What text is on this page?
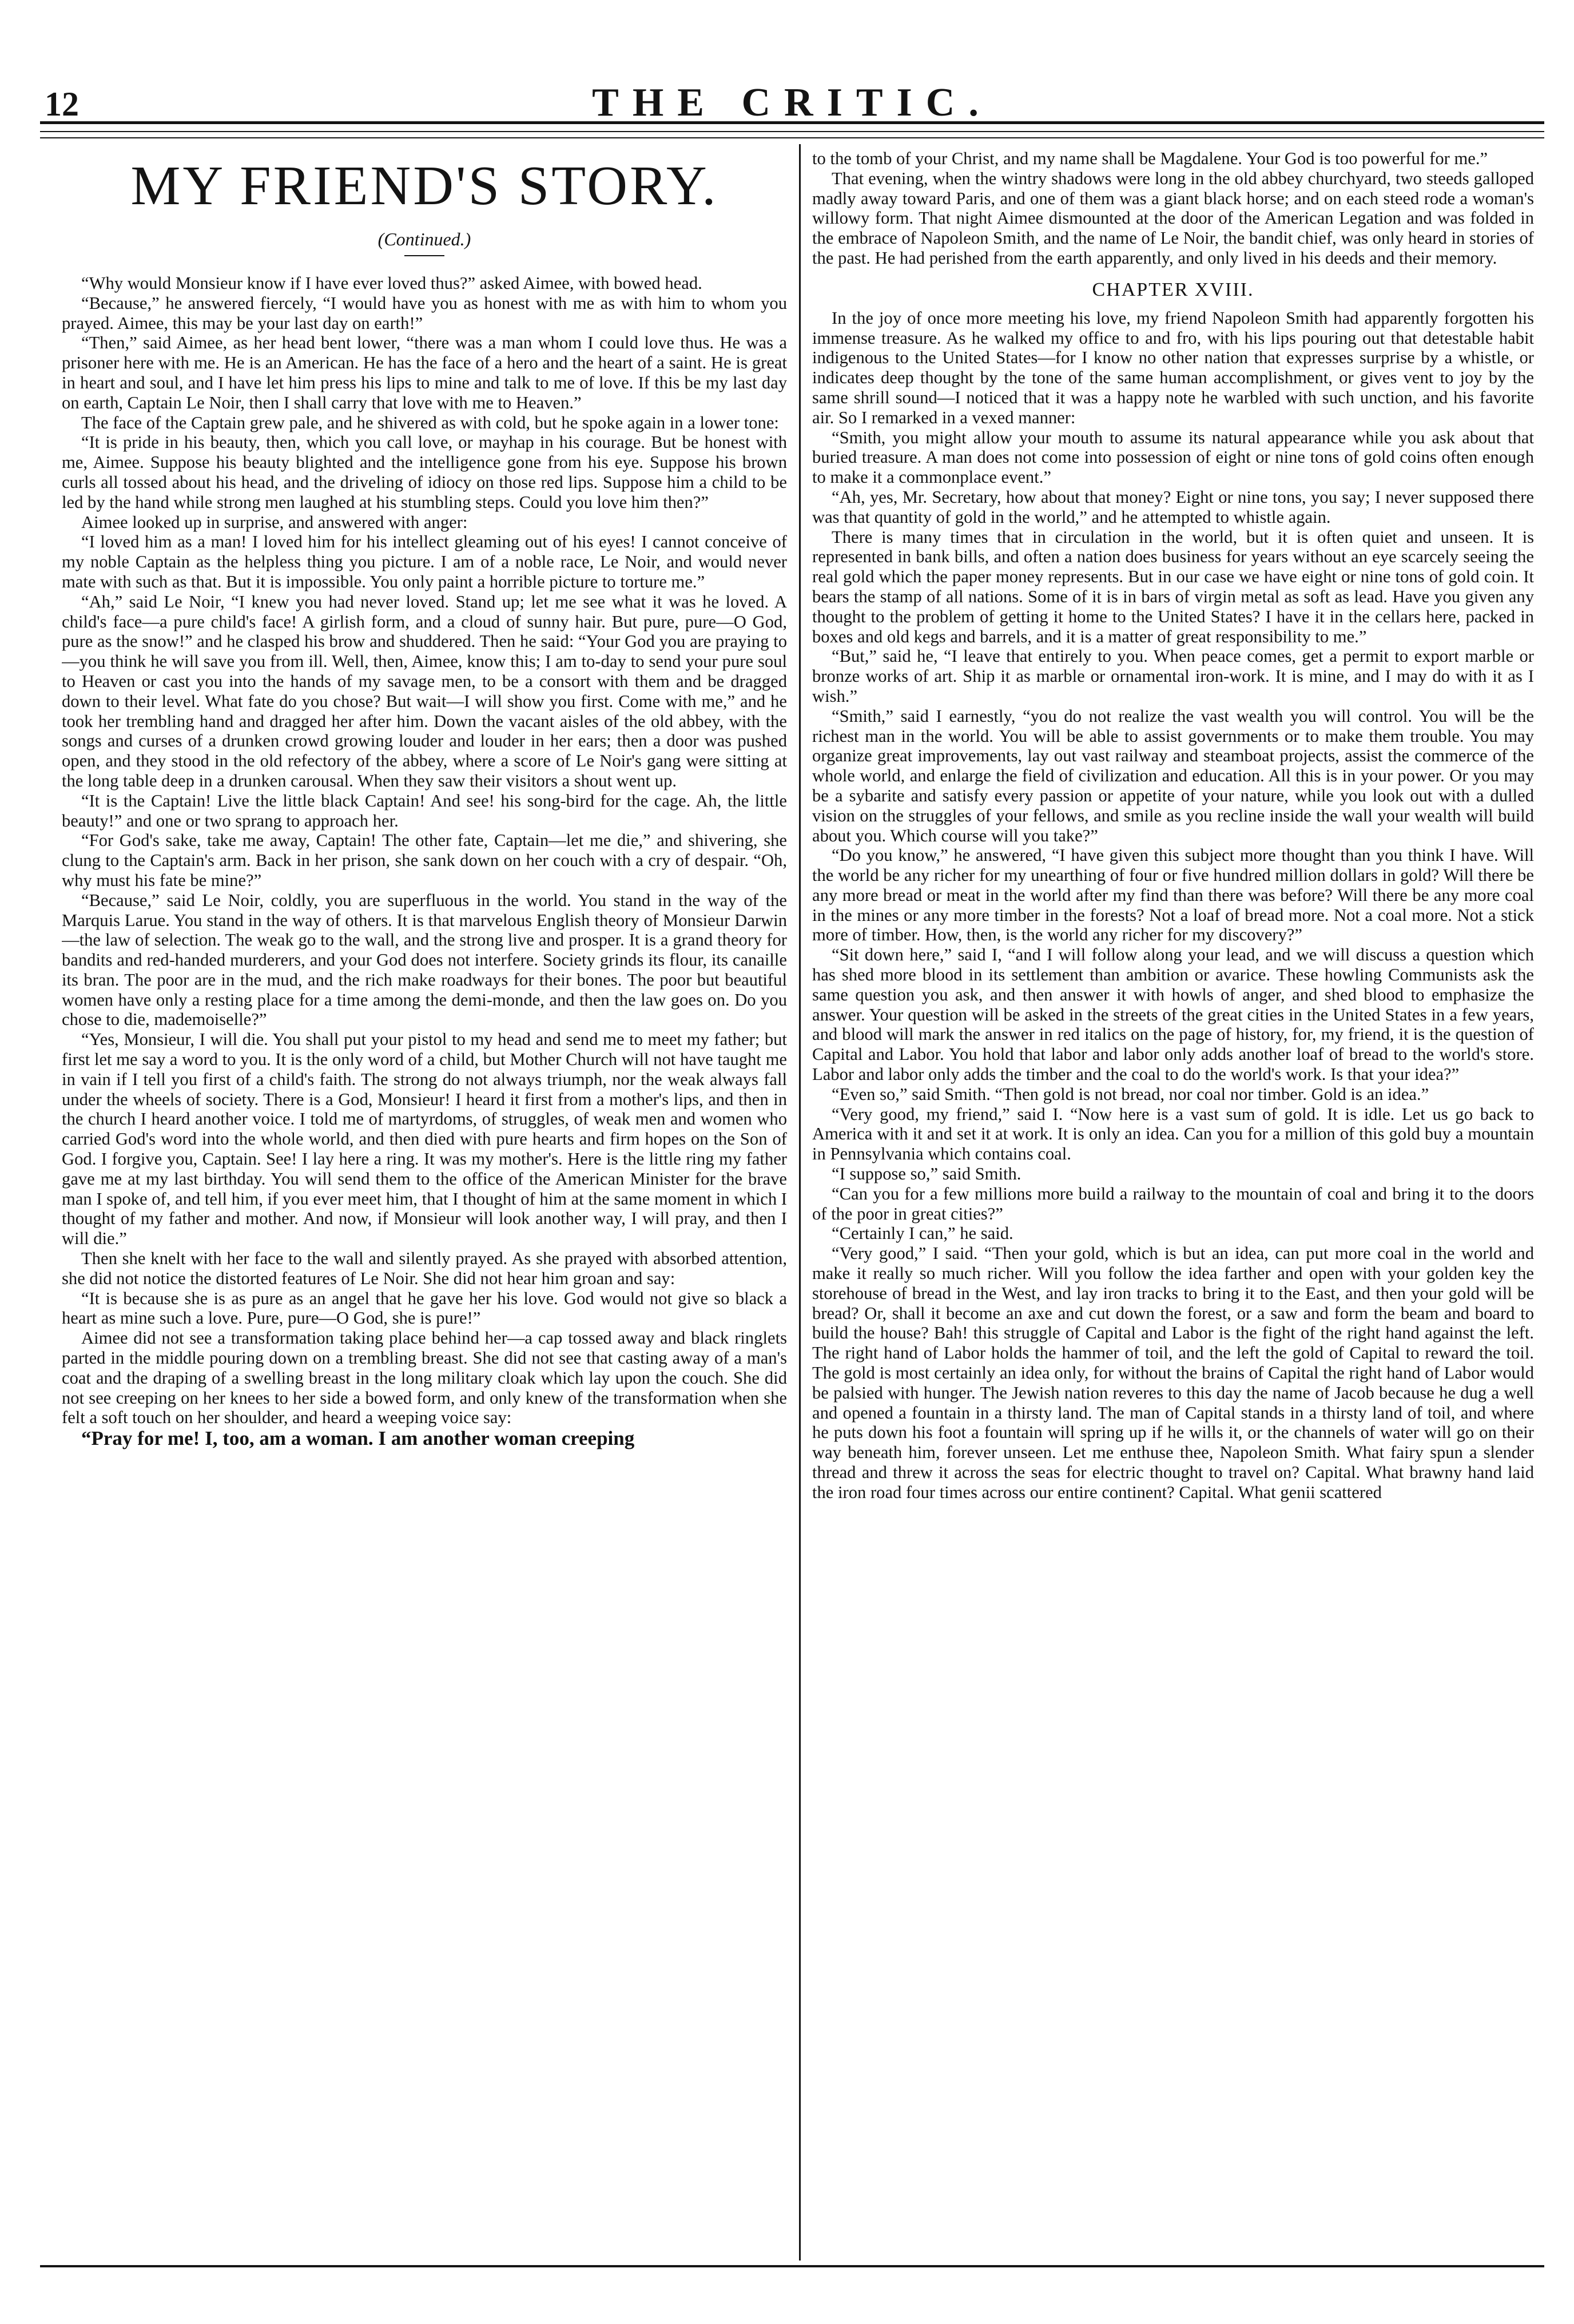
12	THE CRITIC.
MY FRIEND'S STORY.
(Continued.)

“Why would Monsieur know if I have ever loved thus?” asked Aimee, with bowed head.

“Because,” he answered fiercely, “I would have you as honest with me as with him to whom you prayed. Aimee, this may be your last day on earth!”

“Then,” said Aimee, as her head bent lower, “there was a man whom I could love thus. He was a prisoner here with me. He is an American. He has the face of a hero and the heart of a saint. He is great in heart and soul, and I have let him press his lips to mine and talk to me of love. If this be my last day on earth, Captain Le Noir, then I shall carry that love with me to Heaven.”

The face of the Captain grew pale, and he shivered as with cold, but he spoke again in a lower tone:

“It is pride in his beauty, then, which you call love, or mayhap in his courage. But be honest with me, Aimee. Suppose his beauty blighted and the intelligence gone from his eye. Suppose his brown curls all tossed about his head, and the driveling of idiocy on those red lips. Suppose him a child to be led by the hand while strong men laughed at his stumbling steps. Could you love him then?”

Aimee looked up in surprise, and answered with anger:

“I loved him as a man! I loved him for his intellect gleaming out of his eyes! I cannot conceive of my noble Captain as the helpless thing you picture. I am of a noble race, Le Noir, and would never mate with such as that. But it is impossible. You only paint a horrible picture to torture me.”

“Ah,” said Le Noir, “I knew you had never loved. Stand up; let me see what it was he loved. A child's face—a pure child's face! A girlish form, and a cloud of sunny hair. But pure, pure—O God, pure as the snow!” and he clasped his brow and shuddered. Then he said: “Your God you are praying to—you think he will save you from ill. Well, then, Aimee, know this; I am to-day to send your pure soul to Heaven or cast you into the hands of my savage men, to be a consort with them and be dragged down to their level. What fate do you chose? But wait—I will show you first. Come with me,” and he took her trembling hand and dragged her after him. Down the vacant aisles of the old abbey, with the songs and curses of a drunken crowd growing louder and louder in her ears; then a door was pushed open, and they stood in the old refectory of the abbey, where a score of Le Noir's gang were sitting at the long table deep in a drunken carousal. When they saw their visitors a shout went up.

“It is the Captain! Live the little black Captain! And see! his song-bird for the cage. Ah, the little beauty!” and one or two sprang to approach her.

“For God's sake, take me away, Captain! The other fate, Captain—let me die,” and shivering, she clung to the Captain's arm. Back in her prison, she sank down on her couch with a cry of despair. “Oh, why must his fate be mine?”

“Because,” said Le Noir, coldly, you are superfluous in the world. You stand in the way of the Marquis Larue. You stand in the way of others. It is that marvelous English theory of Monsieur Darwin—the law of selection. The weak go to the wall, and the strong live and prosper. It is a grand theory for bandits and red-handed murderers, and your God does not interfere. Society grinds its flour, its canaille its bran. The poor are in the mud, and the rich make roadways for their bones. The poor but beautiful women have only a resting place for a time among the demi-monde, and then the law goes on. Do you chose to die, mademoiselle?”

“Yes, Monsieur, I will die. You shall put your pistol to my head and send me to meet my father; but first let me say a word to you. It is the only word of a child, but Mother Church will not have taught me in vain if I tell you first of a child's faith. The strong do not always triumph, nor the weak always fall under the wheels of society. There is a God, Monsieur! I heard it first from a mother's lips, and then in the church I heard another voice. I told me of martyrdoms, of struggles, of weak men and women who carried God's word into the whole world, and then died with pure hearts and firm hopes on the Son of God. I forgive you, Captain. See! I lay here a ring. It was my mother's. Here is the little ring my father gave me at my last birthday. You will send them to the office of the American Minister for the brave man I spoke of, and tell him, if you ever meet him, that I thought of him at the same moment in which I thought of my father and mother. And now, if Monsieur will look another way, I will pray, and then I will die.”

Then she knelt with her face to the wall and silently prayed. As she prayed with absorbed attention, she did not notice the distorted features of Le Noir. She did not hear him groan and say:

“It is because she is as pure as an angel that he gave her his love. God would not give so black a heart as mine such a love. Pure, pure—O God, she is pure!”

Aimee did not see a transformation taking place behind her—a cap tossed away and black ringlets parted in the middle pouring down on a trembling breast. She did not see that casting away of a man's coat and the draping of a swelling breast in the long military cloak which lay upon the couch. She did not see creeping on her knees to her side a bowed form, and only knew of the transformation when she felt a soft touch on her shoulder, and heard a weeping voice say:

“Pray for me! I, too, am a woman. I am another woman creeping

to the tomb of your Christ, and my name shall be Magdalene. Your God is too powerful for me.”

That evening, when the wintry shadows were long in the old abbey churchyard, two steeds galloped madly away toward Paris, and one of them was a giant black horse; and on each steed rode a woman's willowy form. That night Aimee dismounted at the door of the American Legation and was folded in the embrace of Napoleon Smith, and the name of Le Noir, the bandit chief, was only heard in stories of the past. He had perished from the earth apparently, and only lived in his deeds and their memory.

CHAPTER XVIII.

In the joy of once more meeting his love, my friend Napoleon Smith had apparently forgotten his immense treasure. As he walked my office to and fro, with his lips pouring out that detestable habit indigenous to the United States—for I know no other nation that expresses surprise by a whistle, or indicates deep thought by the tone of the same human accomplishment, or gives vent to joy by the same shrill sound—I noticed that it was a happy note he warbled with such unction, and his favorite air. So I remarked in a vexed manner:

“Smith, you might allow your mouth to assume its natural appearance while you ask about that buried treasure. A man does not come into possession of eight or nine tons of gold coins often enough to make it a commonplace event.”

“Ah, yes, Mr. Secretary, how about that money? Eight or nine tons, you say; I never supposed there was that quantity of gold in the world,” and he attempted to whistle again.

There is many times that in circulation in the world, but it is often quiet and unseen. It is represented in bank bills, and often a nation does business for years without an eye scarcely seeing the real gold which the paper money represents. But in our case we have eight or nine tons of gold coin. It bears the stamp of all nations. Some of it is in bars of virgin metal as soft as lead. Have you given any thought to the problem of getting it home to the United States? I have it in the cellars here, packed in boxes and old kegs and barrels, and it is a matter of great responsibility to me.”

“But,” said he, “I leave that entirely to you. When peace comes, get a permit to export marble or bronze works of art. Ship it as marble or ornamental iron-work. It is mine, and I may do with it as I wish.”

“Smith,” said I earnestly, “you do not realize the vast wealth you will control. You will be the richest man in the world. You will be able to assist governments or to make them trouble. You may organize great improvements, lay out vast railway and steamboat projects, assist the commerce of the whole world, and enlarge the field of civilization and education. All this is in your power. Or you may be a sybarite and satisfy every passion or appetite of your nature, while you look out with a dulled vision on the struggles of your fellows, and smile as you recline inside the wall your wealth will build about you. Which course will you take?”

“Do you know,” he answered, “I have given this subject more thought than you think I have. Will the world be any richer for my unearthing of four or five hundred million dollars in gold? Will there be any more bread or meat in the world after my find than there was before? Will there be any more coal in the mines or any more timber in the forests? Not a loaf of bread more. Not a coal more. Not a stick more of timber. How, then, is the world any richer for my discovery?”

“Sit down here,” said I, “and I will follow along your lead, and we will discuss a question which has shed more blood in its settlement than ambition or avarice. These howling Communists ask the same question you ask, and then answer it with howls of anger, and shed blood to emphasize the answer. Your question will be asked in the streets of the great cities in the United States in a few years, and blood will mark the answer in red italics on the page of history, for, my friend, it is the question of Capital and Labor. You hold that labor and labor only adds another loaf of bread to the world's store. Labor and labor only adds the timber and the coal to do the world's work. Is that your idea?”

“Even so,” said Smith. “Then gold is not bread, nor coal nor timber. Gold is an idea.”

“Very good, my friend,” said I. “Now here is a vast sum of gold. It is idle. Let us go back to America with it and set it at work. It is only an idea. Can you for a million of this gold buy a mountain in Pennsylvania which contains coal.

“I suppose so,” said Smith.

“Can you for a few millions more build a railway to the mountain of coal and bring it to the doors of the poor in great cities?”

“Certainly I can,” he said.

“Very good,” I said. “Then your gold, which is but an idea, can put more coal in the world and make it really so much richer. Will you follow the idea farther and open with your golden key the storehouse of bread in the West, and lay iron tracks to bring it to the East, and then your gold will be bread? Or, shall it become an axe and cut down the forest, or a saw and form the beam and board to build the house? Bah! this struggle of Capital and Labor is the fight of the right hand against the left. The right hand of Labor holds the hammer of toil, and the left the gold of Capital to reward the toil. The gold is most certainly an idea only, for without the brains of Capital the right hand of Labor would be palsied with hunger. The Jewish nation reveres to this day the name of Jacob because he dug a well and opened a fountain in a thirsty land. The man of Capital stands in a thirsty land of toil, and where he puts down his foot a fountain will spring up if he wills it, or the channels of water will go on their way beneath him, forever unseen. Let me enthuse thee, Napoleon Smith. What fairy spun a slender thread and threw it across the seas for electric thought to travel on? Capital. What brawny hand laid the iron road four times across our entire continent? Capital. What genii scattered
